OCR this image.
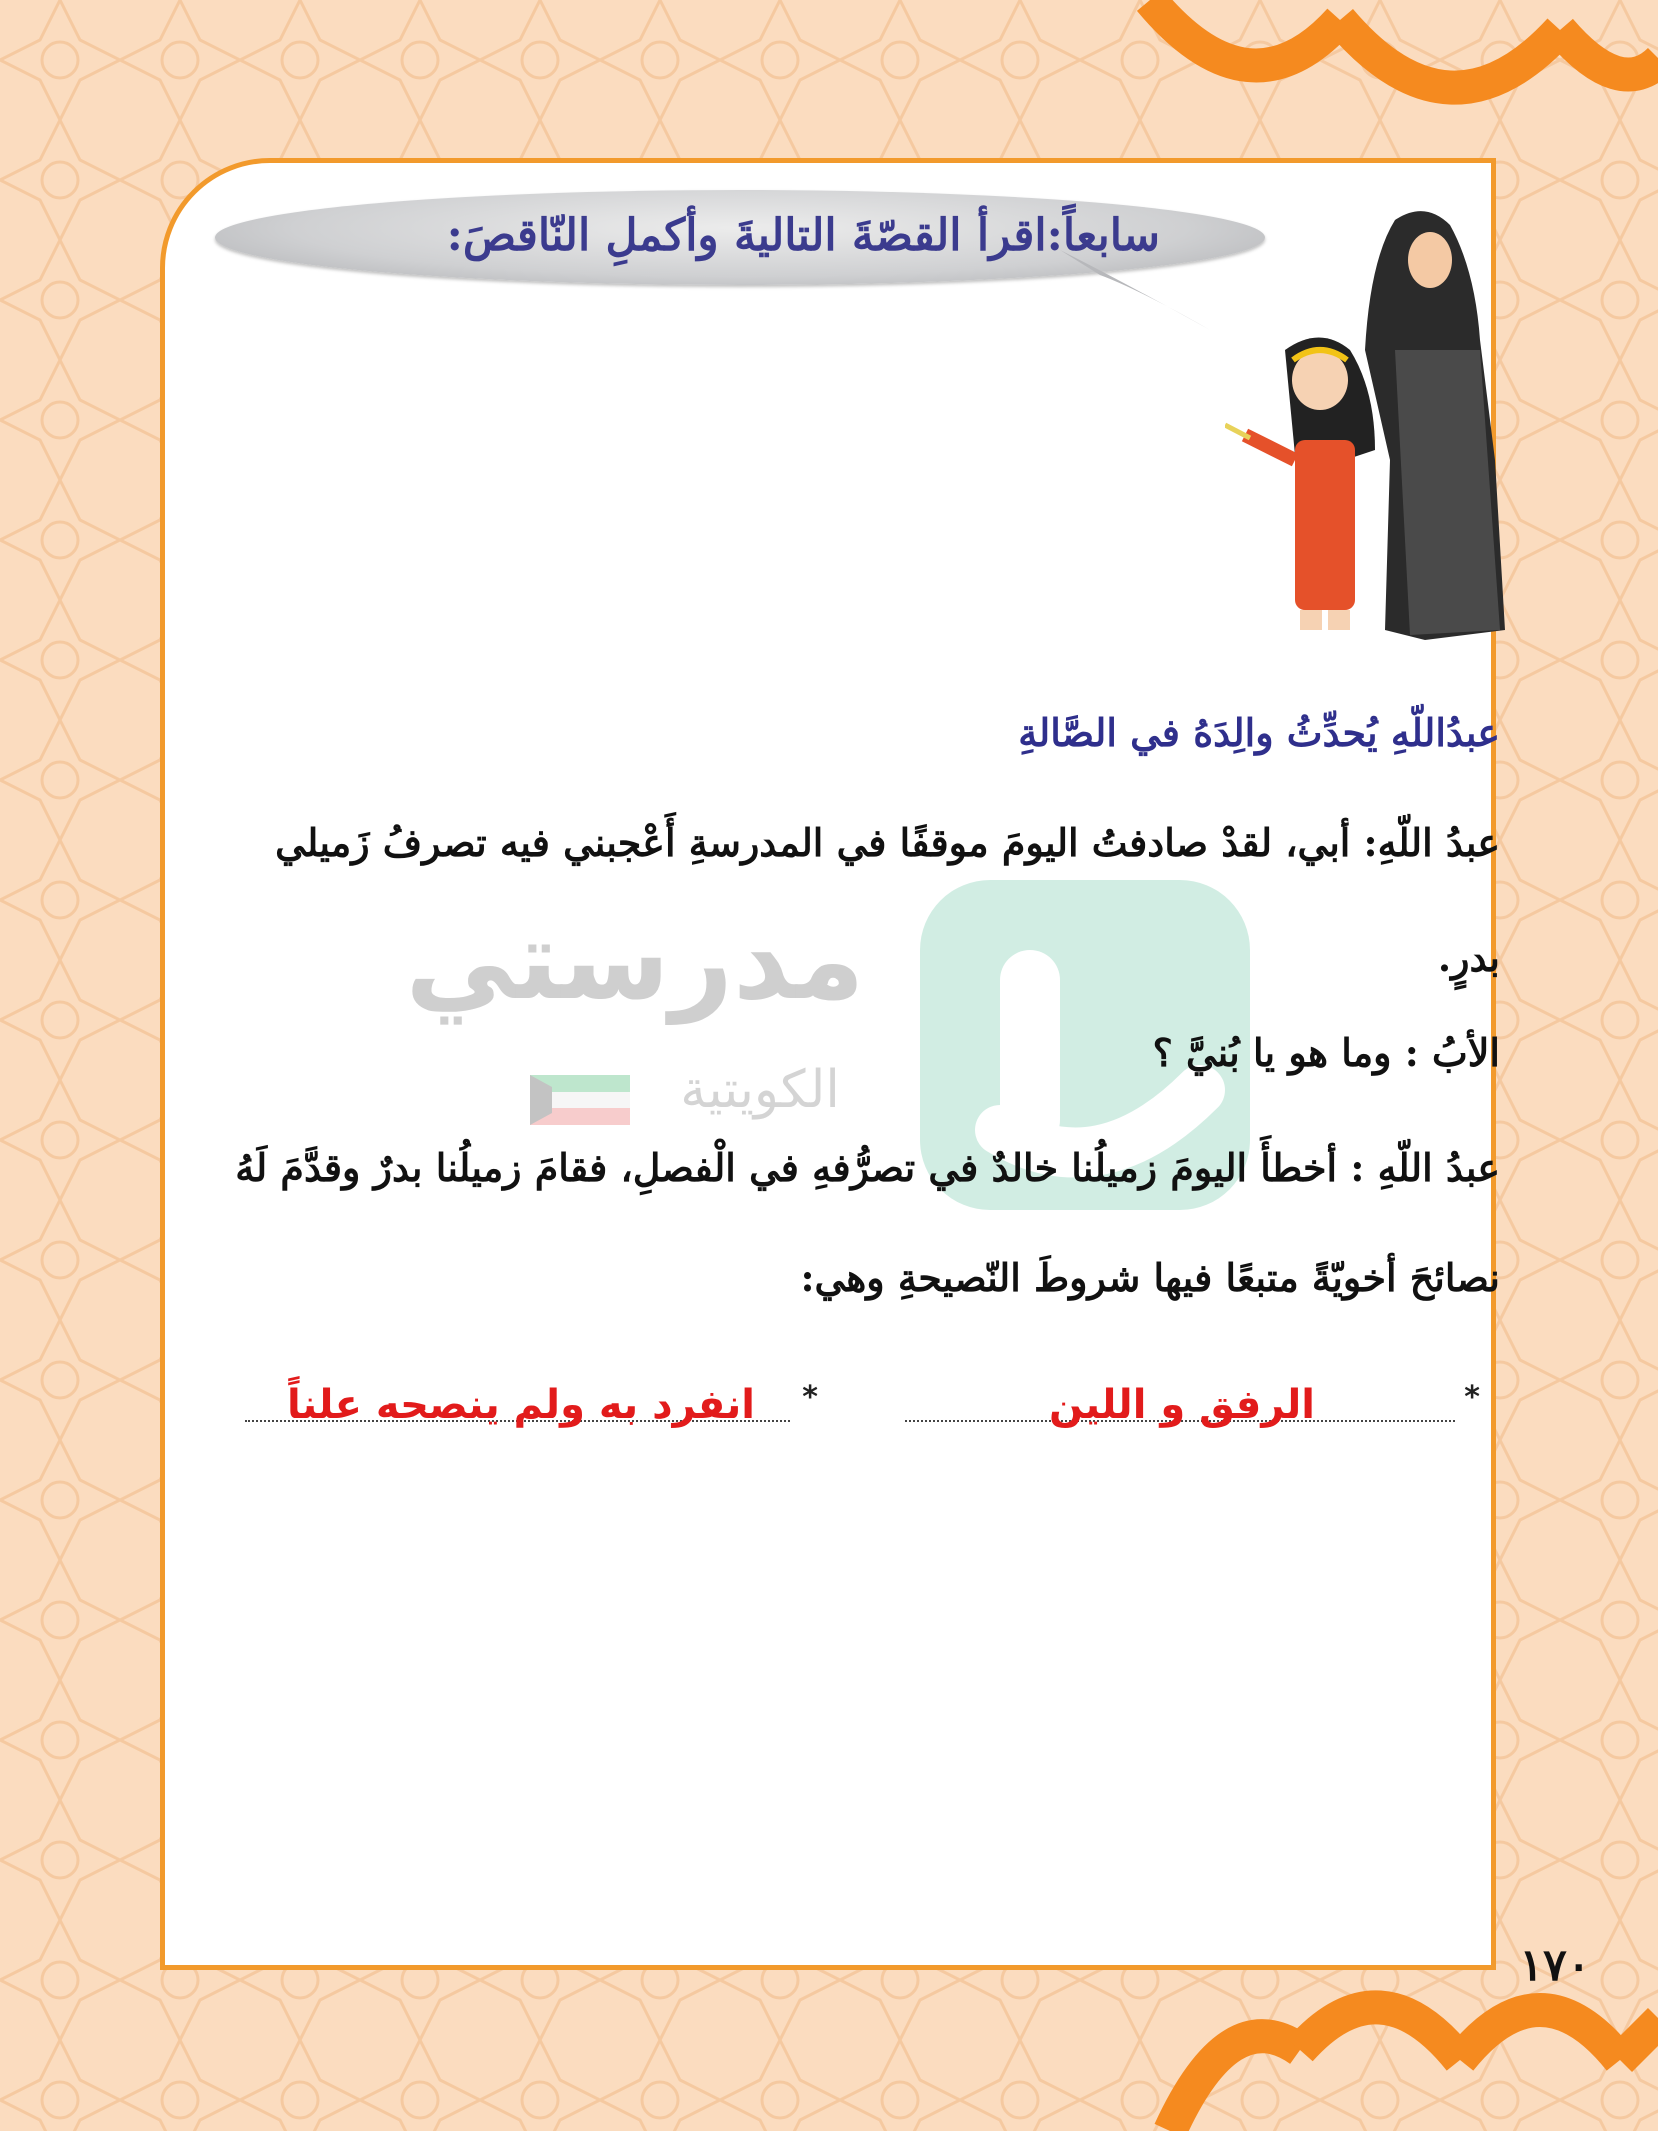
سابعاً:اقرأ القصّةَ التاليةَ وأكملِ النّاقصَ:
مدرستي
الكويتية
عبدُاللّهِ يُحدِّثُ والِدَهُ في الصَّالةِ
عبدُ اللّهِ: أبي، لقدْ صادفتُ اليومَ موقفًا في المدرسةِ أَعْجبني فيه تصرفُ زَميلي
بدرٍ.
الأبُ : وما هو يا بُنيَّ ؟
عبدُ اللّهِ : أخطأَ اليومَ زميلُنا خالدٌ في تصرُّفهِ في الْفصلِ، فقامَ زميلُنا بدرٌ وقدَّمَ لَهُ
نصائحَ أخويّةً متبعًا فيها شروطَ النّصيحةِ وهي:
*
الرفق و اللين
*
انفرد به ولم ينصحه علناً
١٧٠
